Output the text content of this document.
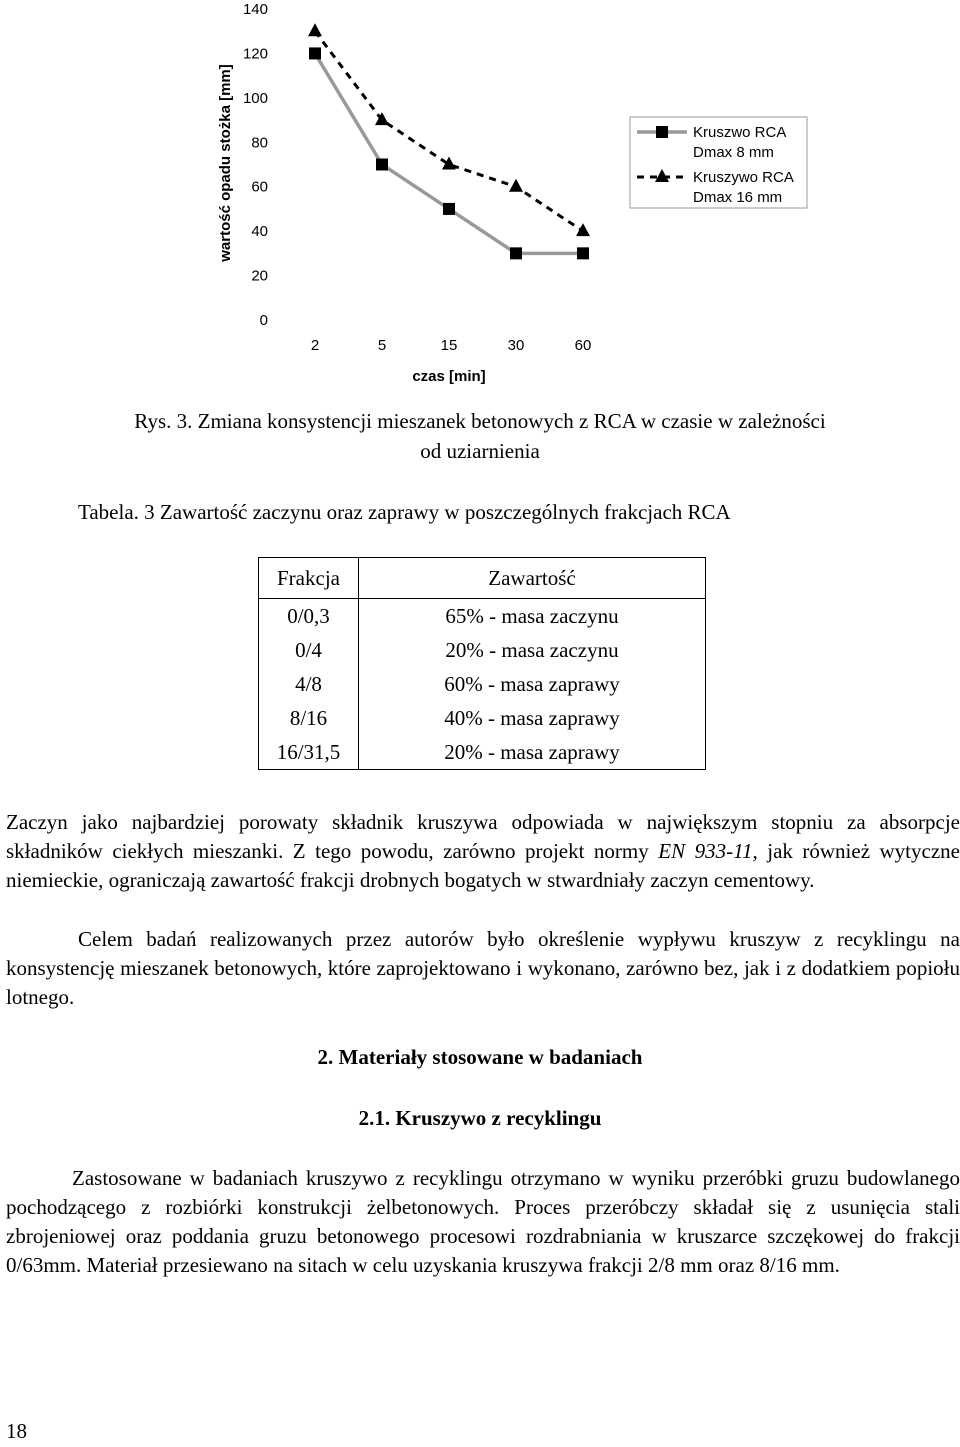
wartość opadu stożka [mm]
0
20
40
60
80
100
120
140
2	5	15	30	60
czas [min]
Kruszwo RCA
Dmax 8 mm
Kruszywo RCA
Dmax 16 mm
Rys. 3. Zmiana konsystencji mieszanek betonowych z RCA w czasie w zależności
od uziarnienia
Tabela. 3 Zawartość zaczynu oraz zaprawy w poszczególnych frakcjach RCA
Frakcja	Zawartość
0/0,3	65% - masa zaczynu
0/4	20% - masa zaczynu
4/8	60% - masa zaprawy
8/16	40% - masa zaprawy
16/31,5	20% - masa zaprawy

Zaczyn jako najbardziej porowaty składnik kruszywa odpowiada w największym stopniu za absorpcje składników ciekłych mieszanki. Z tego powodu, zarówno projekt normy EN 933-11, jak również wytyczne niemieckie, ograniczają zawartość frakcji drobnych bogatych w stwardniały zaczyn cementowy.

Celem badań realizowanych przez autorów było określenie wypływu kruszyw z recyklingu na konsystencję mieszanek betonowych, które zaprojektowano i wykonano, zarówno bez, jak i z dodatkiem popiołu lotnego.

2. Materiały stosowane w badaniach

2.1. Kruszywo z recyklingu

Zastosowane w badaniach kruszywo z recyklingu otrzymano w wyniku przeróbki gruzu budowlanego pochodzącego z rozbiórki konstrukcji żelbetonowych. Proces przeróbczy składał się z usunięcia stali zbrojeniowej oraz poddania gruzu betonowego procesowi rozdrabniania w kruszarce szczękowej do frakcji 0/63mm. Materiał przesiewano na sitach w celu uzyskania kruszywa frakcji 2/8 mm oraz 8/16 mm.

18
